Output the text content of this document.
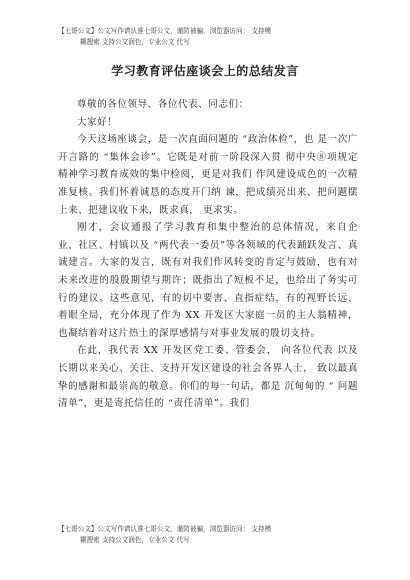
【七哥公文】公文写作请认准七哥公文，谨防被骗，浏览器访问： 支持模
糊搜索 支持公文润色，专业公文 代写
学习教育评估座谈会上的总结发言

尊敬的各位领导、各位代表、同志们：

大家好！

今天这场座谈会，是一次直面问题的 “政治体检”，也 是一次广开言路的 “集体会诊”。它既是对前一阶段深入贯 彻中央⑧项规定精神学习教育成效的集中检阅，更是对我们 作风建设成色的一次精准复核。我们怀着诚恳的态度开门纳 谏，把成绩亮出来、把问题摆上来、把建议收下来，既求真， 更求实。

刚才，会议通报了学习教育和集中整治的总体情况，来自企业、社区、村镇以及 “两代表一委员”等各领域的代表踊跃发言、真诚建言。大家的发言，既有对我们作风转变的肯定与鼓励，也有对未来改进的殷殷期望与期许；既指出了短板不足，也给出了务实可行的建议。这些意见，有的切中要害、直指症结，有的视野长远、着眼全局，充分体现了作为 XX 开发区大家庭一员的主人翁精神，也凝结着对这片热土的深厚感情与对事业发展的殷切支持。

在此，我代表 XX 开发区党工委、管委会， 向各位代表 以及长期以来关心、关注、支持开发区建设的社会各界人士， 致以最真挚的感谢和最崇高的敬意。你们的每一句话，都是 沉甸甸的 “ 问题清单”，更是寄托信任的 “责任清单”。我们

【七哥公文】公文写作请认准七哥公文，谨防被骗，浏览器访问： 支持模
糊搜索 支持公文润色，专业公文 代写
